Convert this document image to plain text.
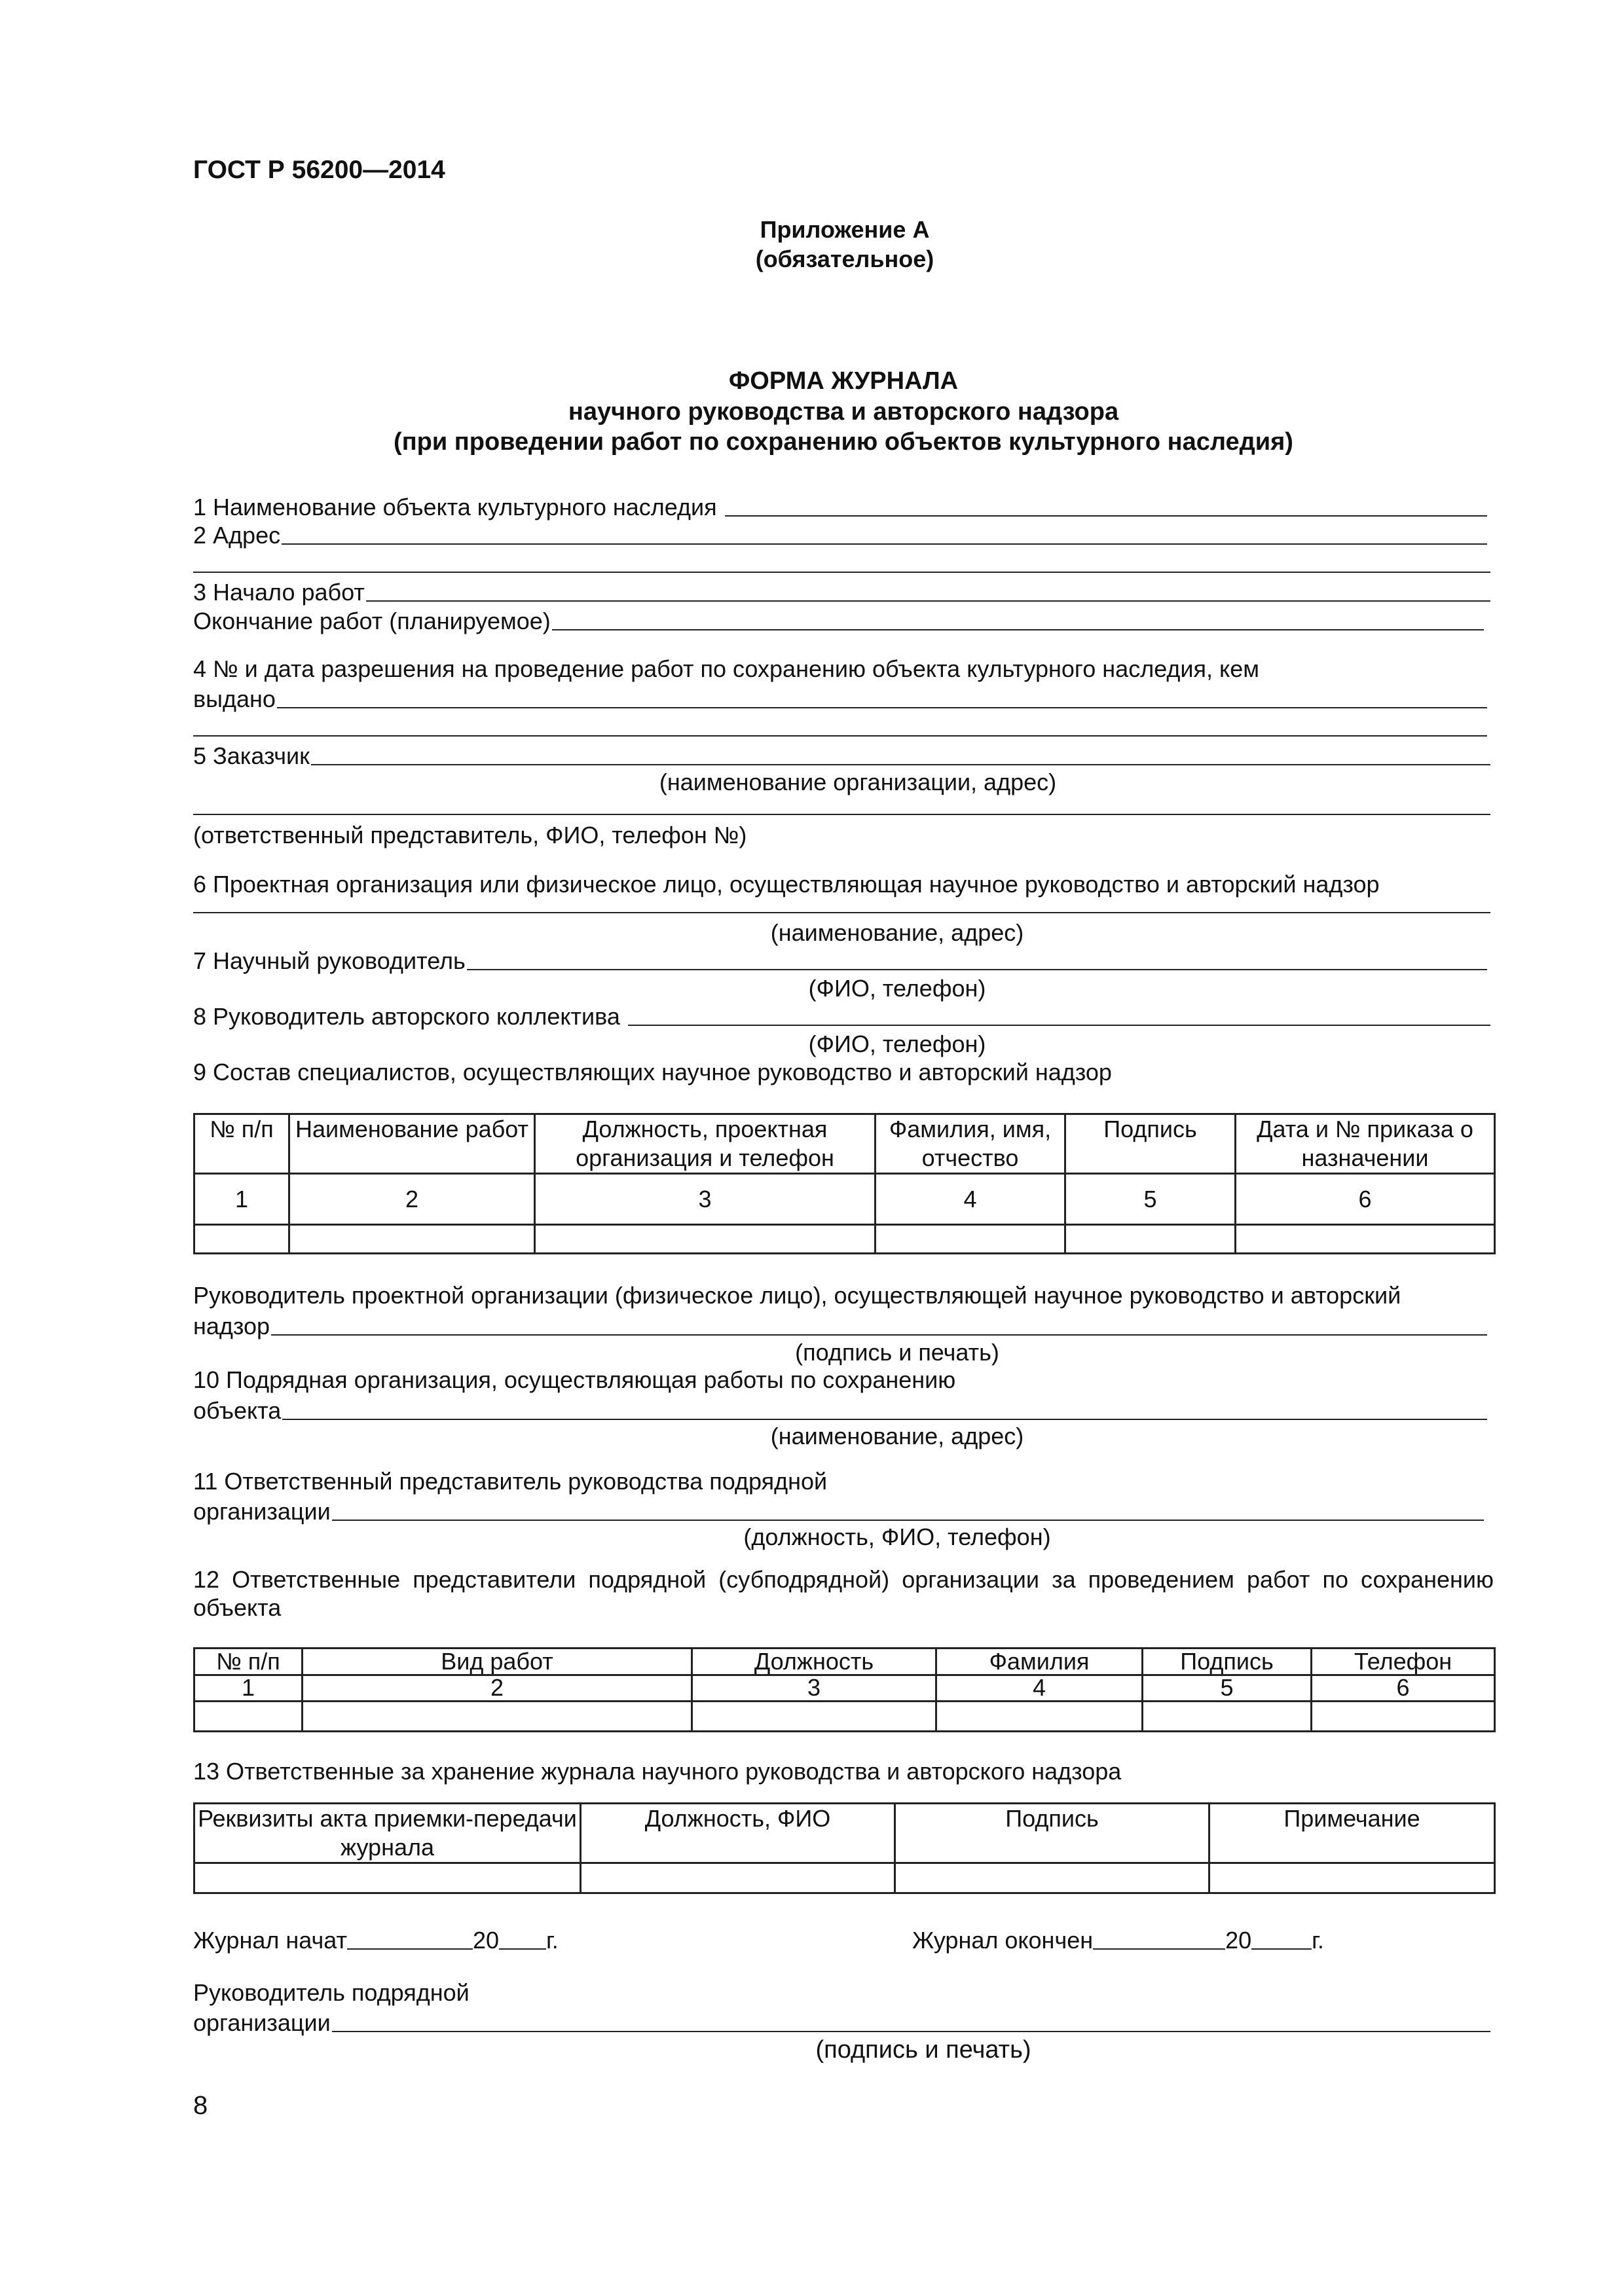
ГОСТ Р 56200—2014
Приложение А
(обязательное)
ФОРМА ЖУРНАЛА
научного руководства и авторского надзора
(при проведении работ по сохранению объектов культурного наследия)
1 Наименование объекта культурного наследия
2 Адрес
3 Начало работ
Окончание работ (планируемое)
4 № и дата разрешения на проведение работ по сохранению объекта культурного наследия, кем
выдано
5 Заказчик
(наименование организации, адрес)
(ответственный представитель, ФИО, телефон №)
6 Проектная организация или физическое лицо, осуществляющая научное руководство и авторский надзор
(наименование, адрес)
7 Научный руководитель
(ФИО, телефон)
8 Руководитель авторского коллектива
(ФИО, телефон)
9 Состав специалистов, осуществляющих научное руководство и авторский надзор
№ п/п	Наименование работ	Должность, проектная организация и телефон	Фамилия, имя, отчество	Подпись	Дата и № приказа о назначении
1	2	3	4	5	6

Руководитель проектной организации (физическое лицо), осуществляющей научное руководство и авторский
надзор
(подпись и печать)
10 Подрядная организация, осуществляющая работы по сохранению
объекта
(наименование, адрес)
11 Ответственный представитель руководства подрядной
организации
(должность, ФИО, телефон)
12 Ответственные представители подрядной (субподрядной) организации за проведением работ по сохранению
объекта
№ п/п	Вид работ	Должность	Фамилия	Подпись	Телефон
1	2	3	4	5	6

13 Ответственные за хранение журнала научного руководства и авторского надзора
Реквизиты акта приемки-передачи журнала	Должность, ФИО	Подпись	Примечание

Журнал начат	20 г.	Журнал окончен	20	г.
Руководитель подрядной
организации
(подпись и печать)
8
